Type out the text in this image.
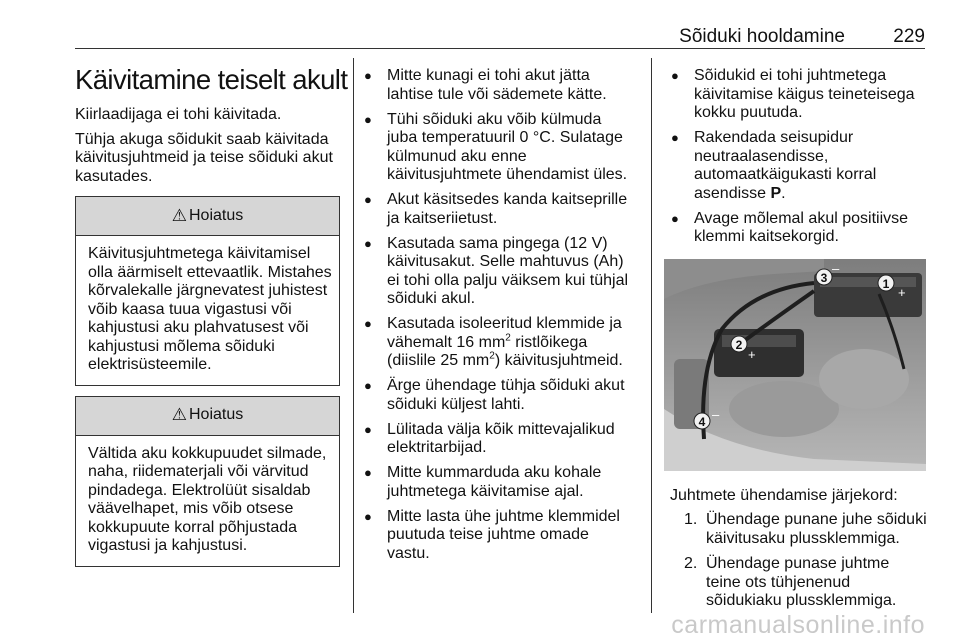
Sõiduki hooldamine	229
Käivitamine teiselt akult

Kiirlaadijaga ei tohi käivitada.

Tühja akuga sõidukit saab käivitada käivitusjuhtmeid ja teise sõiduki akut kasutades.

⚠ Hoiatus
Käivitusjuhtmetega käivitamisel olla äärmiselt ettevaatlik. Mistahes kõrvalekalle järgnevatest juhistest võib kaasa tuua vigastusi või kahjustusi aku plahvatusest või kahjustusi mõlema sõiduki elektrisüsteemile.
⚠ Hoiatus
Vältida aku kokkupuudet silmade, naha, riidematerjali või värvitud pindadega. Elektrolüüt sisaldab väävelhapet, mis võib otsese kokkupuute korral põhjustada vigastusi ja kahjustusi.
● Mitte kunagi ei tohi akut jätta lahtise tule või sädemete kätte.
● Tühi sõiduki aku võib külmuda juba temperatuuril 0 °C. Sulatage külmunud aku enne käivitusjuhtmete ühendamist üles.
● Akut käsitsedes kanda kaitseprille ja kaitseriietust.
● Kasutada sama pingega (12 V) käivitusakut. Selle mahtuvus (Ah) ei tohi olla palju väiksem kui tühjal sõiduki akul.
● Kasutada isoleeritud klemmide ja vähemalt 16 $mm^2$ ristlõikega (diislile 25 $mm^2$) käivitusjuhtmeid.
● Ärge ühendage tühja sõiduki akut sõiduki küljest lahti.
● Lülitada välja kõik mittevajalikud elektritarbijad.
● Mitte kummarduda aku kohale juhtmetega käivitamise ajal.
● Mitte lasta ühe juhtme klemmidel puutuda teise juhtme omade vastu.
● Sõidukid ei tohi juhtmetega käivitamise käigus teineteisega kokku puutuda.
● Rakendada seisupidur neutraalasendisse, automaatkäigukasti korral asendisse P.
● Avage mõlemal akul positiivse klemmi kaitsekorgid.
1
3
2
4
+
+
–
–

Juhtmete ühendamise järjekord:

1. Ühendage punane juhe sõiduki käivitusaku plussklemmiga.
2. Ühendage punase juhtme teine ots tühjenenud sõidukiaku plussklemmiga.
carmanualsonline.info
